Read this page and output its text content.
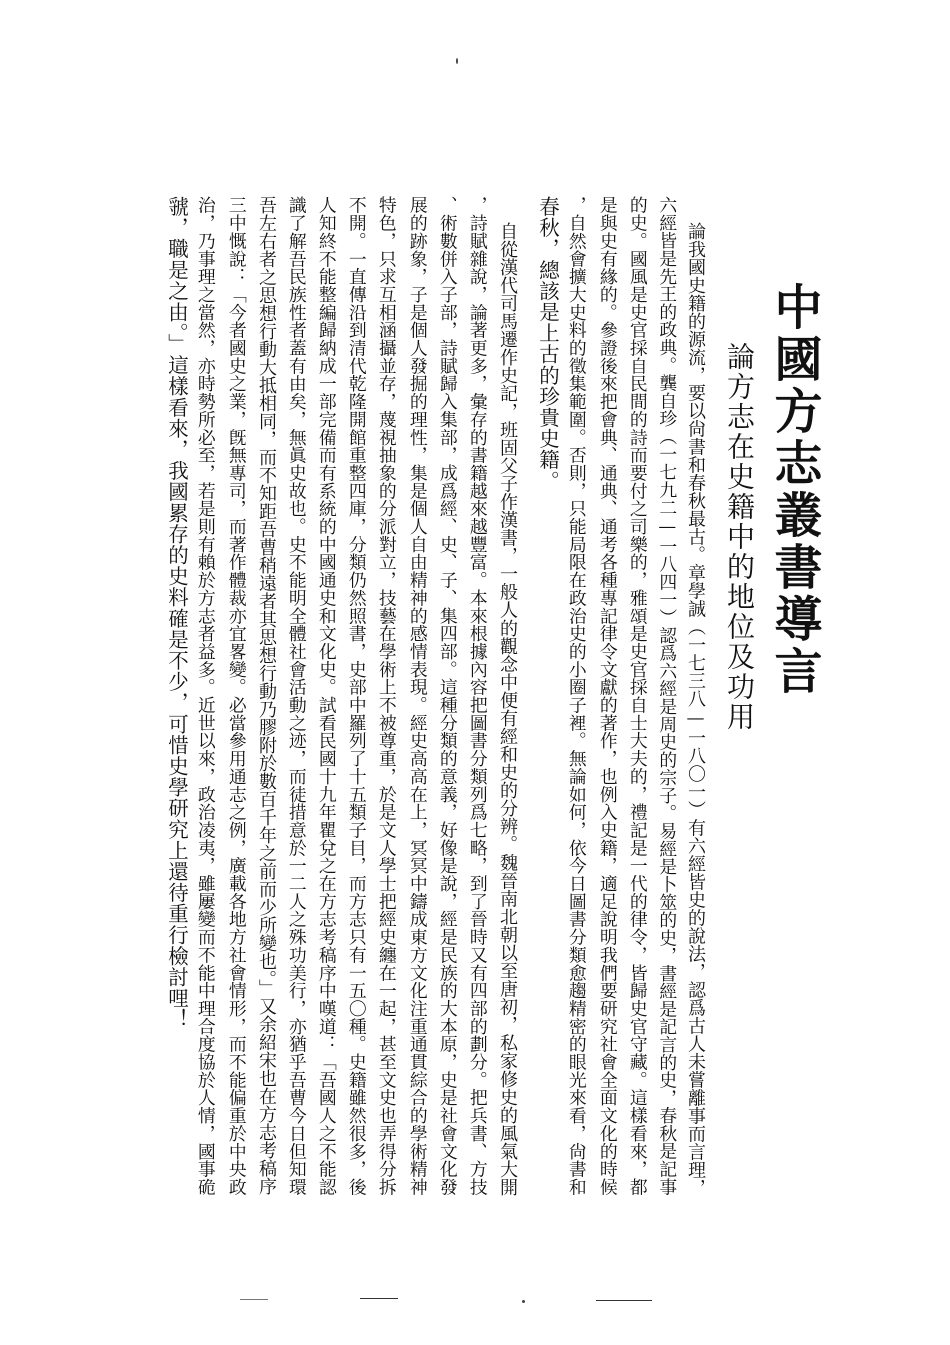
中國方志叢書導言
論方志在史籍中的地位及功用
論我國史籍的源流，要以尙書和春秋最古。章學誠（一七三八—一八〇一）有六經皆史的說法，認爲古人未嘗離事而言理，
六經皆是先王的政典。龔自珍（一七九二—一八四一）認爲六經是周史的宗子。易經是卜筮的史，書經是記言的史，春秋是記事
的史。國風是史官採自民間的詩而要付之司樂的，雅頌是史官採自士大夫的，禮記是一代的律令，皆歸史官守藏。這樣看來，都
是與史有緣的。參證後來把會典、通典、通考各種專記律令文獻的著作，也例入史籍，適足說明我們要研究社會全面文化的時候
，自然會擴大史料的徵集範圍。否則，只能局限在政治史的小圈子裡。無論如何，依今日圖書分類愈趨精密的眼光來看，尙書和
春秋，總該是上古的珍貴史籍。
自從漢代司馬遷作史記，班固父子作漢書，一般人的觀念中便有經和史的分辨。魏晉南北朝以至唐初，私家修史的風氣大開
，詩賦雜說，論著更多，彙存的書籍越來越豐富。本來根據內容把圖書分類列爲七略，到了晉時又有四部的劃分。把兵書、方技
、術數併入子部，詩賦歸入集部，成爲經、史、子、集四部。這種分類的意義，好像是說，經是民族的大本原，史是社會文化發
展的跡象，子是個人發掘的理性，集是個人自由精神的感情表現。經史高高在上，冥冥中鑄成東方文化注重通貫綜合的學術精神
特色，只求互相涵攝並存，蔑視抽象的分派對立，技藝在學術上不被尊重，於是文人學士把經史纏在一起，甚至文史也弄得分拆
不開。一直傳沿到清代乾隆開館重整四庫，分類仍然照書，史部中羅列了十五類子目，而方志只有一五〇種。史籍雖然很多，後
人知終不能整編歸納成一部完備而有系統的中國通史和文化史。試看民國十九年瞿兌之在方志考稿序中嘆道：「吾國人之不能認
識了解吾民族性者蓋有由矣，無眞史故也。史不能明全體社會活動之迹，而徒措意於一二人之殊功美行，亦猶乎吾曹今日但知環
吾左右者之思想行動大抵相同，而不知距吾曹稍遠者其思想行動乃膠附於數百千年之前而少所變也。」又余紹宋也在方志考稿序
三中慨說：「今者國史之業，旣無專司，而著作體裁亦宜畧變。必當參用通志之例，廣載各地方社會情形，而不能偏重於中央政
治，乃事理之當然，亦時勢所必至，若是則有賴於方志者益多。近世以來，政治凌夷，雖屢變而不能中理合度協於人情，國事硊
虢，職是之由。」這樣看來，我國累存的史料確是不少，可惜史學研究上還待重行檢討哩！
